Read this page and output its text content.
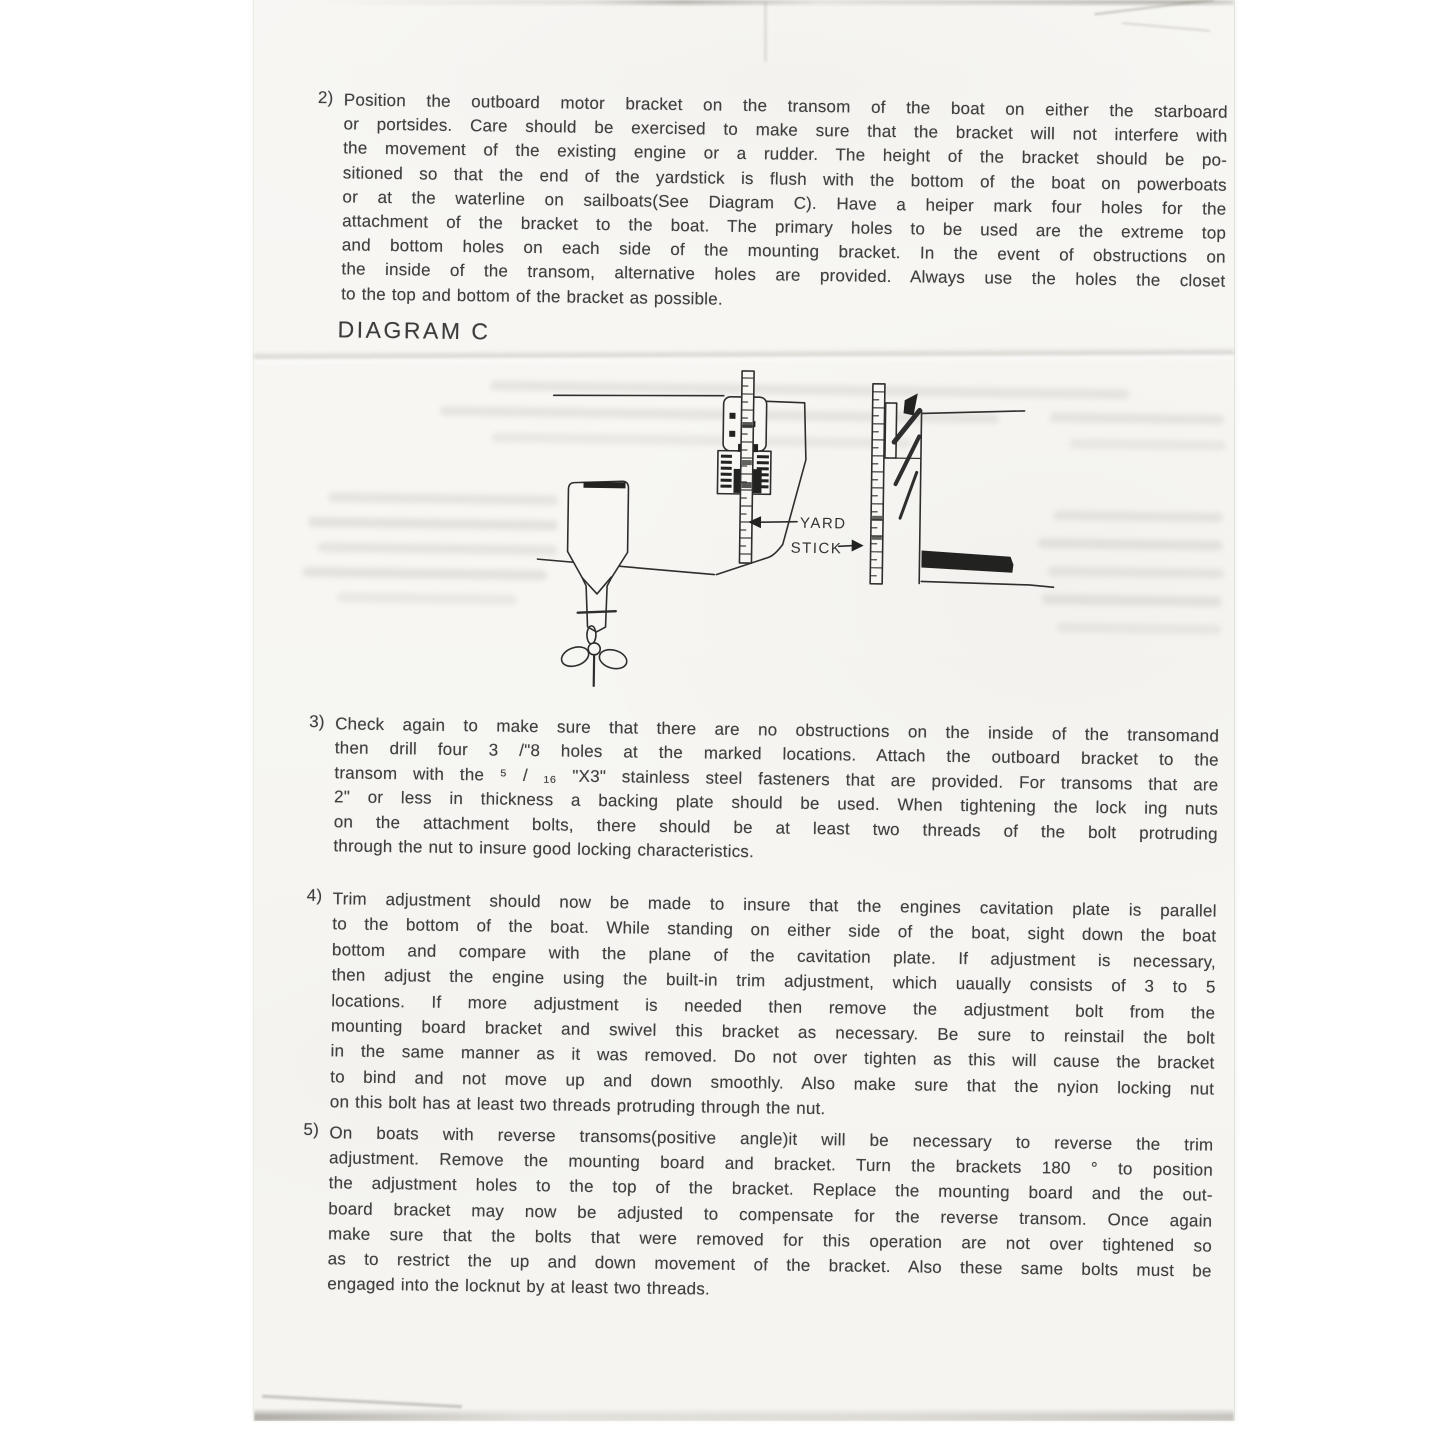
2) Position the outboard motor bracket on the transom of the boat on either the starboard
or portsides. Care should be exercised to make sure that the bracket will not interfere with
the movement of the existing engine or a rudder. The height of the bracket should be po-
sitioned so that the end of the yardstick is flush with the bottom of the boat on powerboats
or at the waterline on sailboats(See Diagram C). Have a heiper mark four holes for the
attachment of the bracket to the boat. The primary holes to be used are the extreme top
and bottom holes on each side of the mounting bracket. In the event of obstructions on
the inside of the transom, alternative holes are provided. Always use the holes the closet
to the top and bottom of the bracket as possible.
DIAGRAM C
YARD
STICK
3) Check again to make sure that there are no obstructions on the inside of the transomand
then drill four 3 /"8 holes at the marked locations. Attach the outboard bracket to the
transom with the ⁵ / ₁₆ "X3" stainless steel fasteners that are provided. For transoms that are
2" or less in thickness a backing plate should be used. When tightening the lock ing nuts
on the attachment bolts, there should be at least two threads of the bolt protruding
through the nut to insure good locking characteristics.
4) Trim adjustment should now be made to insure that the engines cavitation plate is parallel
to the bottom of the boat. While standing on either side of the boat, sight down the boat
bottom and compare with the plane of the cavitation plate. If adjustment is necessary,
then adjust the engine using the built-in trim adjustment, which uaually consists of 3 to 5
locations. If more adjustment is needed then remove the adjustment bolt from the
mounting board bracket and swivel this bracket as necessary. Be sure to reinstail the bolt
in the same manner as it was removed. Do not over tighten as this will cause the bracket
to bind and not move up and down smoothly. Also make sure that the nyion locking nut
on this bolt has at least two threads protruding through the nut.
5) On boats with reverse transoms(positive angle)it will be necessary to reverse the trim
adjustment. Remove the mounting board and bracket. Turn the brackets 180 ° to position
the adjustment holes to the top of the bracket. Replace the mounting board and the out-
board bracket may now be adjusted to compensate for the reverse transom. Once again
make sure that the bolts that were removed for this operation are not over tightened so
as to restrict the up and down movement of the bracket. Also these same bolts must be
engaged into the locknut by at least two threads.
